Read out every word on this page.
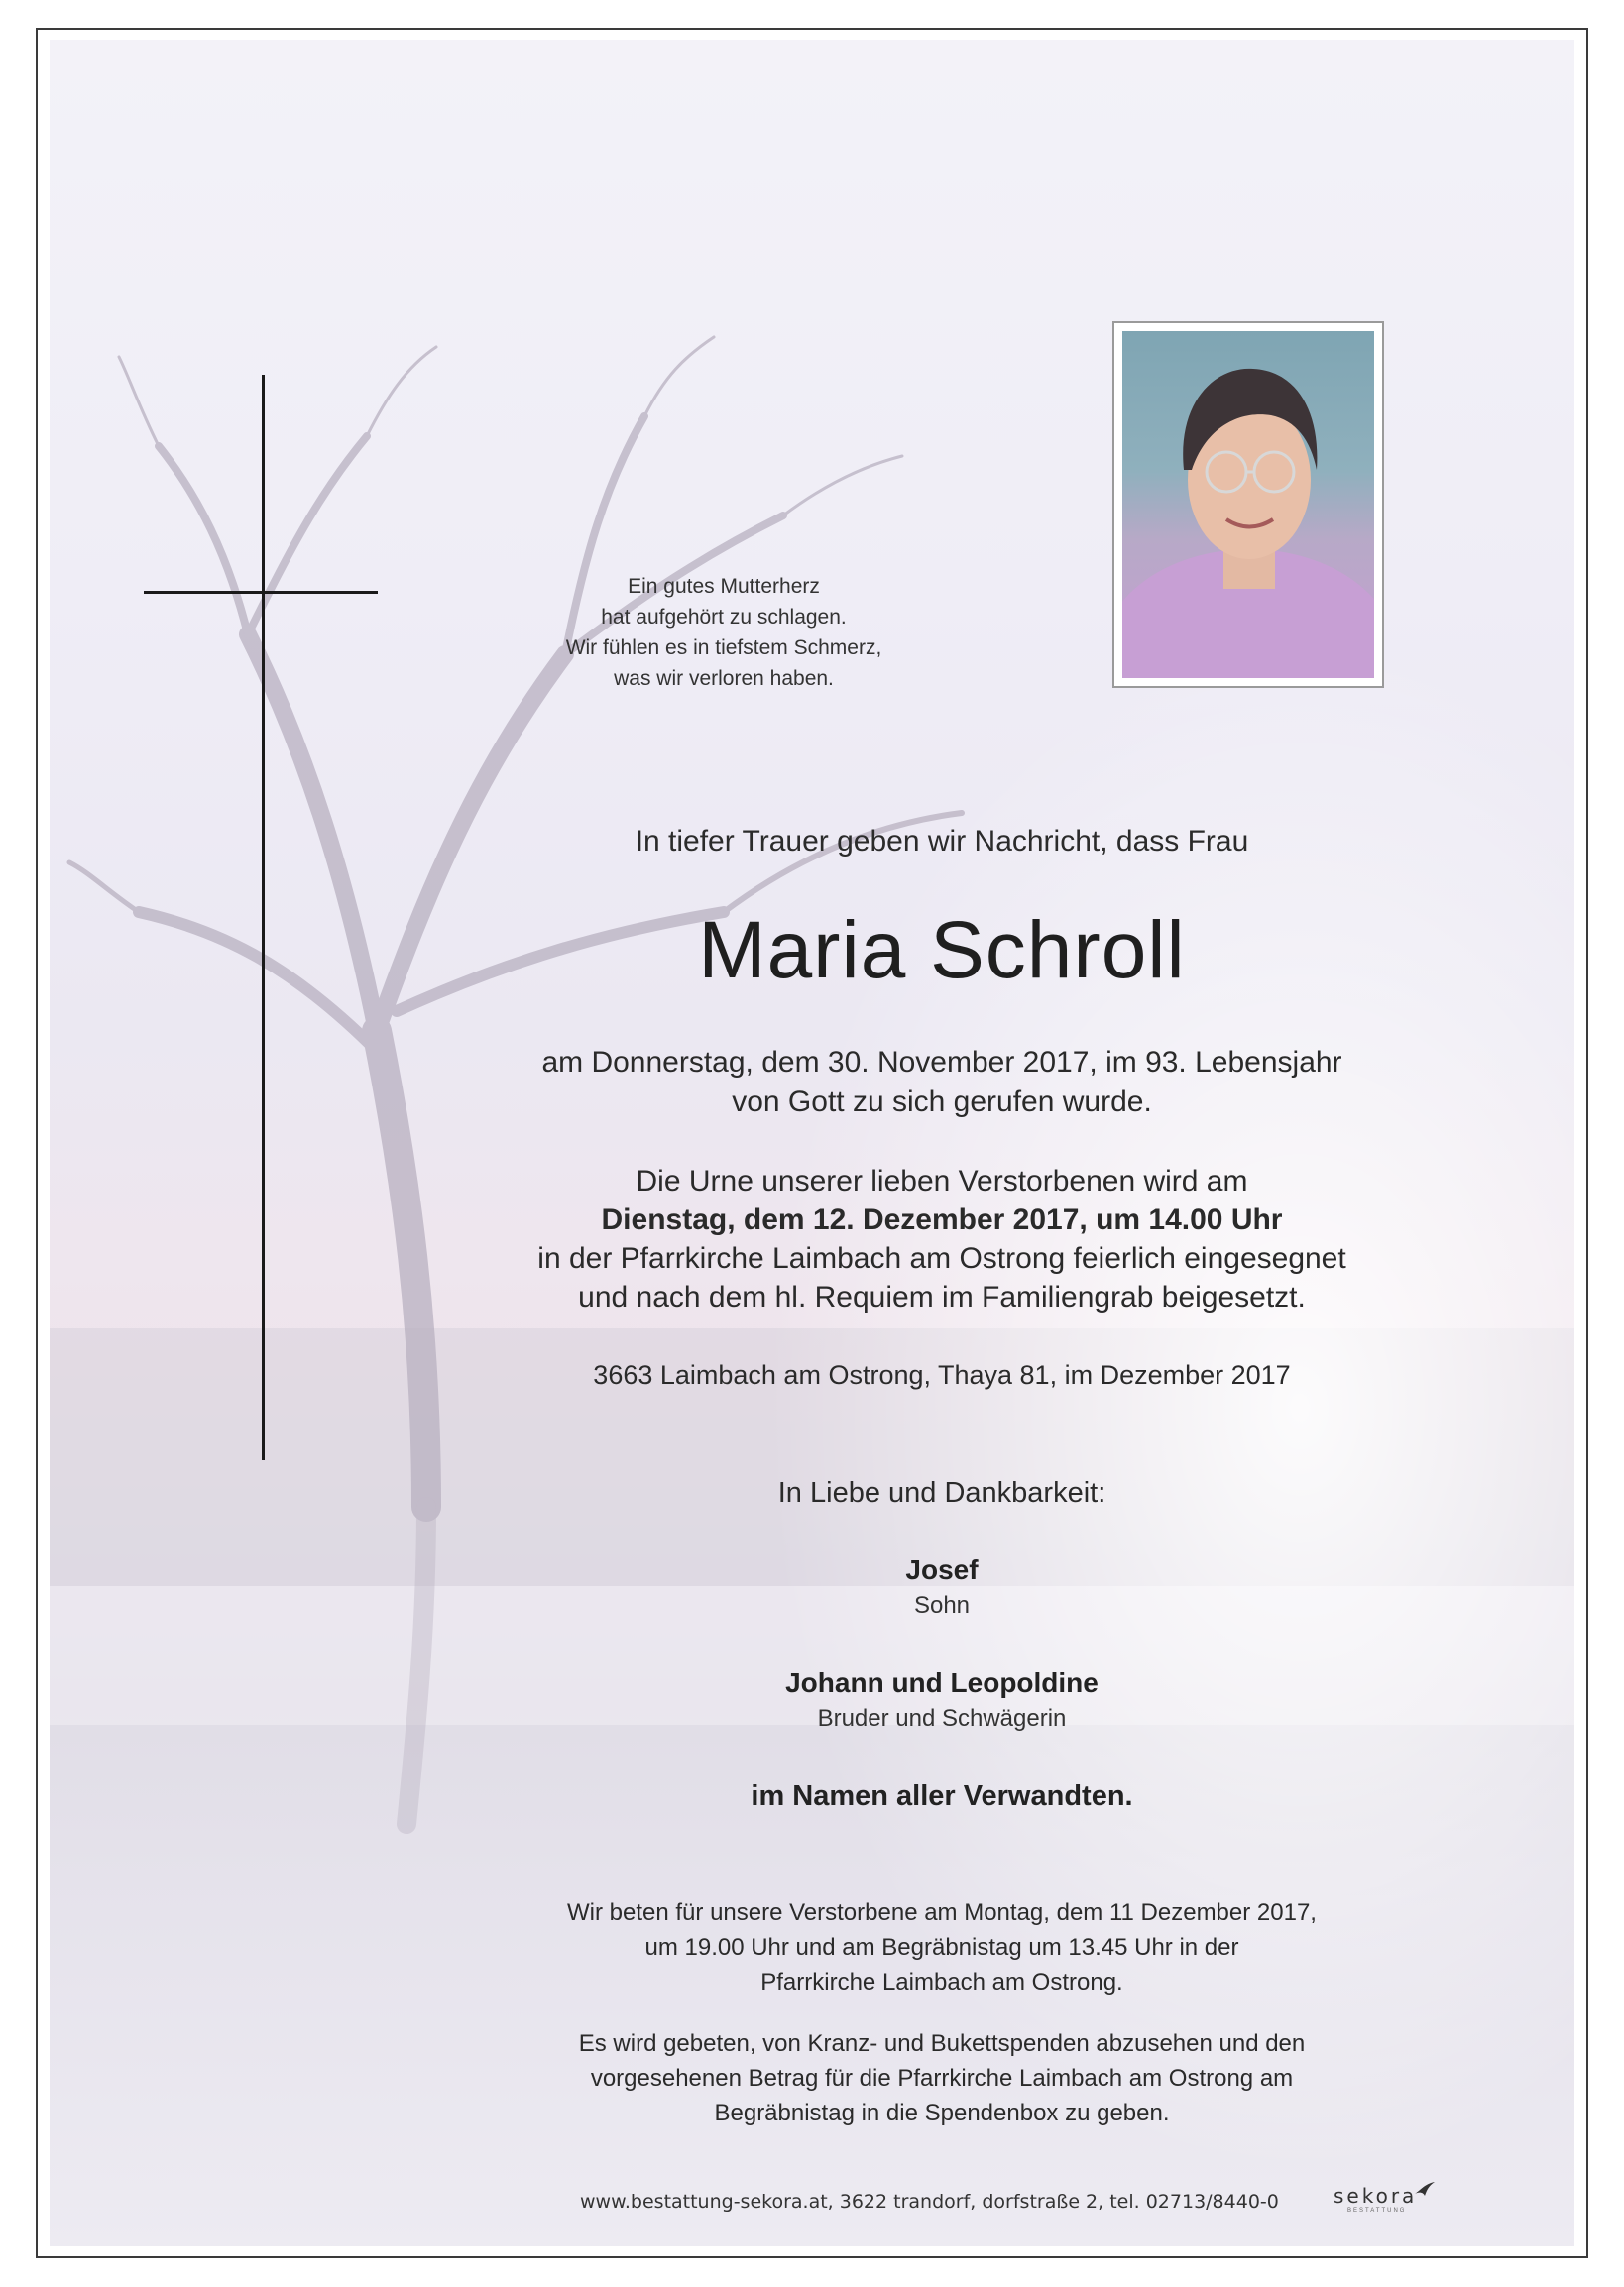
Ein gutes Mutterherz
hat aufgehört zu schlagen.
Wir fühlen es in tiefstem Schmerz,
was wir verloren haben.
In tiefer Trauer geben wir Nachricht, dass Frau
Maria Schroll
am Donnerstag, dem 30. November 2017, im 93. Lebensjahr
von Gott zu sich gerufen wurde.
Die Urne unserer lieben Verstorbenen wird am
Dienstag, dem 12. Dezember 2017, um 14.00 Uhr
in der Pfarrkirche Laimbach am Ostrong feierlich eingesegnet
und nach dem hl. Requiem im Familiengrab beigesetzt.
3663 Laimbach am Ostrong, Thaya 81, im Dezember 2017
In Liebe und Dankbarkeit:
Josef
Sohn
Johann und Leopoldine
Bruder und Schwägerin
im Namen aller Verwandten.
Wir beten für unsere Verstorbene am Montag, dem 11 Dezember 2017,
um 19.00 Uhr und am Begräbnistag um 13.45 Uhr in der
Pfarrkirche Laimbach am Ostrong.
Es wird gebeten, von Kranz- und Bukettspenden abzusehen und den
vorgesehenen Betrag für die Pfarrkirche Laimbach am Ostrong am
Begräbnistag in die Spendenbox zu geben.
www.bestattung-sekora.at, 3622 trandorf, dorfstraße 2, tel. 02713/8440-0	sekora
BESTATTUNG
